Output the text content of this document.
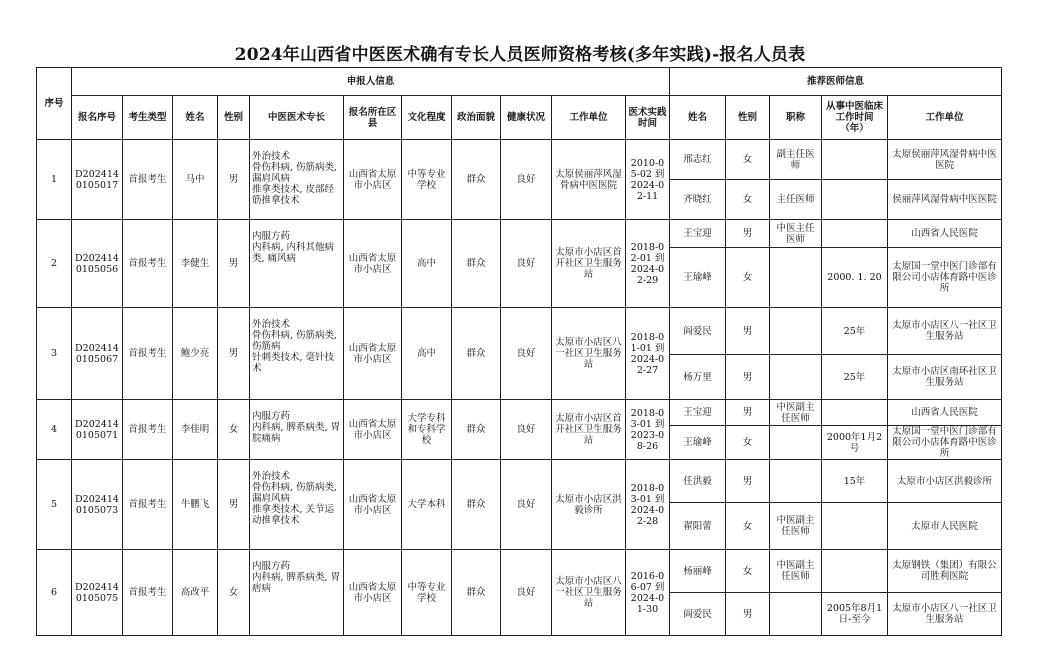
2024年山西省中医医术确有专长人员医师资格考核(多年实践)-报名人员表
序号	申报人信息											推荐医师信息				
	报名序号	考生类型	姓名	性别	中医医术专长	报名所在区县	文化程度	政治面貌	健康状况	工作单位	医术实践时间	姓名	性别	职称	从事中医临床工作时间（年）	工作单位
1	D2024140105017	首报考生	马中	男	外治技术
骨伤科病, 伤筋病类, 漏肩风病
推拿类技术, 皮部经筋推拿技术	山西省太原市小店区	中等专业学校	群众	良好	太原侯丽萍风湿骨病中医医院	2010-05-02 到 2024-02-11	邢志红	女	副主任医师		太原侯丽萍风湿骨病中医医院
												齐晓红	女	主任医师		侯丽萍风湿骨病中医医院
2	D2024140105056	首报考生	李健生	男	内服方药
内科病, 内科其他病类, 痛风病	山西省太原市小店区	高中	群众	良好	太原市小店区首开社区卫生服务站	2018-02-01 到 2024-02-29	王宝迎	男	中医主任医师		山西省人民医院
												王瑜峰	女		2000. 1. 20	太原国一堂中医门诊部有限公司小店体育路中医诊所
3	D2024140105067	首报考生	鲍少亮	男	外治技术
骨伤科病, 伤筋病类, 伤筋病
针刺类技术, 毫针技术	山西省太原市小店区	高中	群众	良好	太原市小店区八一社区卫生服务站	2018-01-01 到 2024-02-27	阎爱民	男		25年	太原市小店区八一社区卫生服务站
												杨万里	男		25年	太原市小店区南环社区卫生服务站
4	D2024140105071	首报考生	李佳明	女	内服方药
内科病, 脾系病类, 胃脘痛病	山西省太原市小店区	大学专科和专科学校	群众	良好	太原市小店区首开社区卫生服务站	2018-03-01 到 2023-08-26	王宝迎	男	中医副主任医师		山西省人民医院
												王瑜峰	女		2000年1月2号	太原国一堂中医门诊部有限公司小店体育路中医诊所
5	D2024140105073	首报考生	牛鹏飞	男	外治技术
骨伤科病, 伤筋病类, 漏肩风病
推拿类技术, 关节运动推拿技术	山西省太原市小店区	大学本科	群众	良好	太原市小店区洪毅诊所	2018-03-01 到 2024-02-28	任洪毅	男		15年	太原市小店区洪毅诊所
												翟阳蕾	女	中医副主任医师		太原市人民医院
6	D2024140105075	首报考生	高改平	女	内服方药
内科病, 脾系病类, 胃痞病	山西省太原市小店区	中等专业学校	群众	良好	太原市小店区八一社区卫生服务站	2016-06-07 到 2024-01-30	杨丽峰	女	中医副主任医师		太原钢铁（集团）有限公司胜利医院
												阎爱民	男		2005年8月1日-至今	太原市小店区八一社区卫生服务站
